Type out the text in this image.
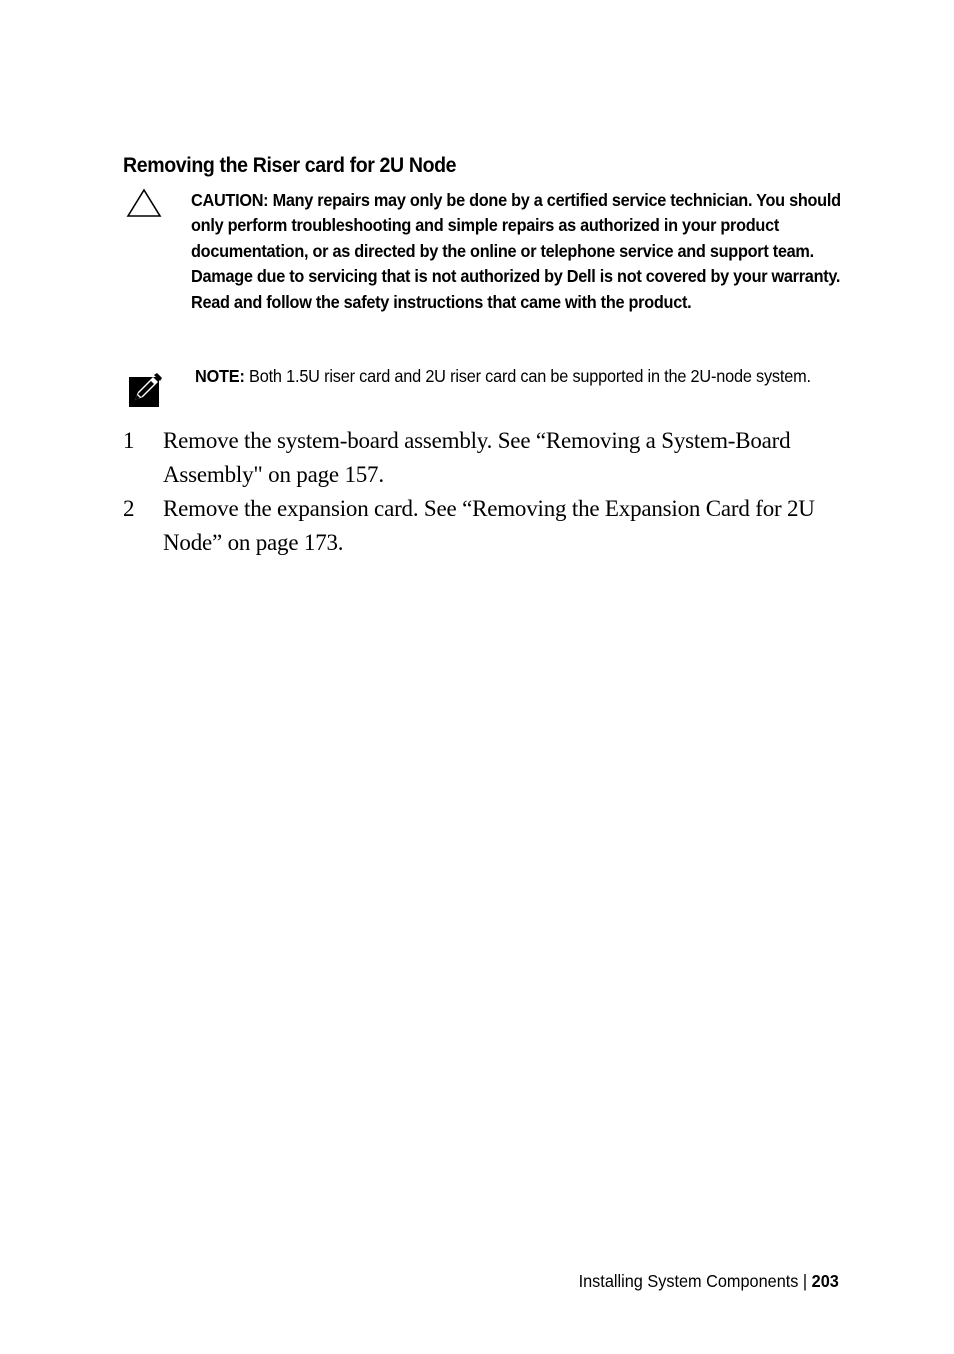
Removing the Riser card for 2U Node
CAUTION: Many repairs may only be done by a certified service technician. You should only perform troubleshooting and simple repairs as authorized in your product documentation, or as directed by the online or telephone service and support team. Damage due to servicing that is not authorized by Dell is not covered by your warranty. Read and follow the safety instructions that came with the product.
NOTE: Both 1.5U riser card and 2U riser card can be supported in the 2U-node system.
1 Remove the system-board assembly. See “Removing a System-Board Assembly" on page 157.
2 Remove the expansion card. See “Removing the Expansion Card for 2U Node” on page 173.
Installing System Components | 203
